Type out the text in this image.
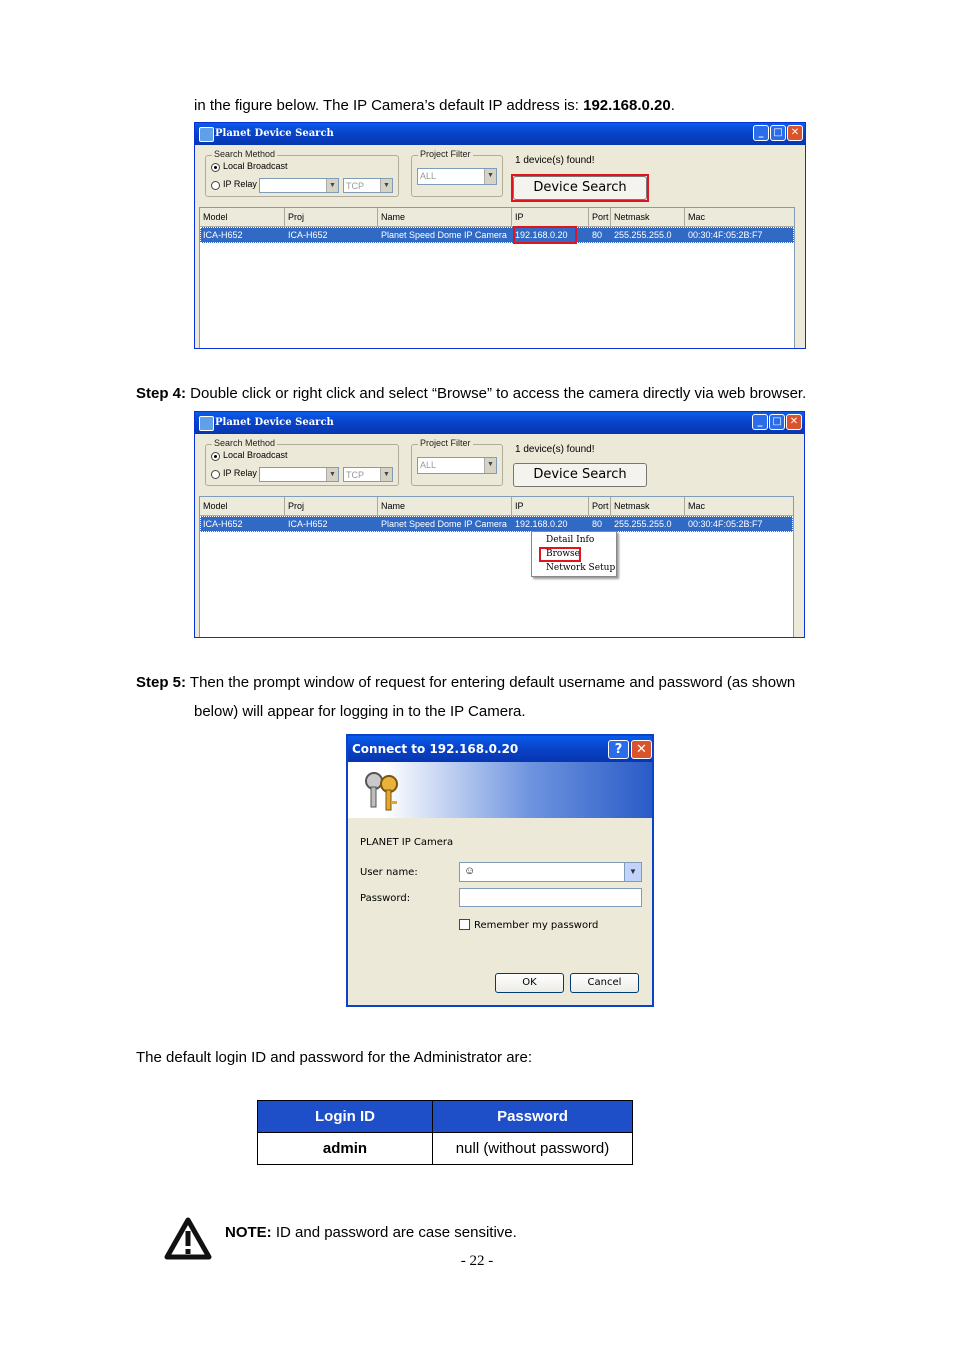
in the figure below. The IP Camera’s default IP address is: 192.168.0.20.
Planet Device Search	_ □ ✕
Search Method
Local Broadcast
IP Relay	▼	TCP	▼
Project Filter
ALL	▼
1 device(s) found!
Device Search
Model	Proj	Name	IP	Port Netmask	Mac
ICA-H652	ICA-H652	Planet Speed Dome IP Camera 192.168.0.20	80 255.255.255.0 00:30:4F:05:2B:F7
Step 4: Double click or right click and select “Browse” to access the camera directly via web browser.
Planet Device Search	_ □ ✕
Search Method
Local Broadcast
IP Relay	▼	TCP	▼
Project Filter
ALL	▼
1 device(s) found!
Device Search
Model	Proj	Name	IP	Port Netmask	Mac
ICA-H652	ICA-H652	Planet Speed Dome IP Camera 192.168.0.20	80 255.255.255.0 00:30:4F:05:2B:F7
Detail Info
Browse
Network Setup
Step 5: Then the prompt window of request for entering default username and password (as shown
below) will appear for logging in to the IP Camera.
Connect to 192.168.0.20	?	✕
PLANET IP Camera
User name:	☺	▼
Password:
Remember my password
OK	Cancel
The default login ID and password for the Administrator are:
Login ID	Password
admin	null (without password)
NOTE: ID and password are case sensitive.
- 22 -
